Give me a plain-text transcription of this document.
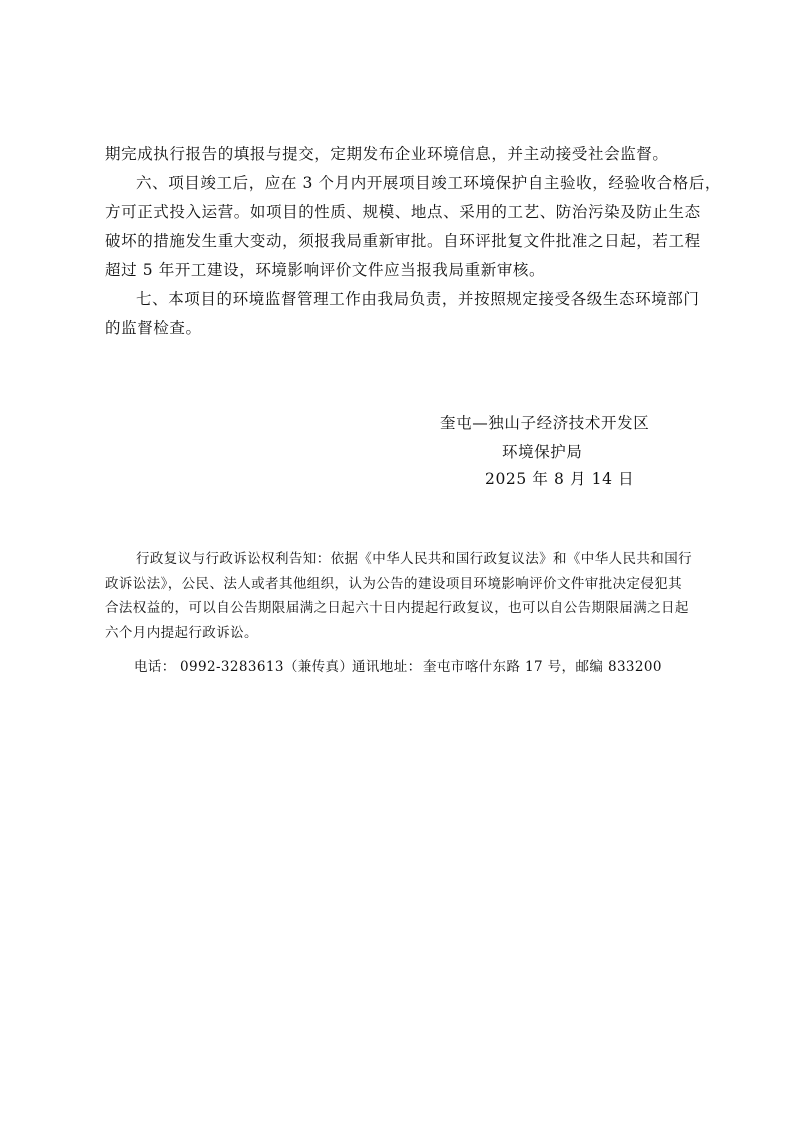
期完成执行报告的填报与提交，定期发布企业环境信息，并主动接受社会监督。

六、项目竣工后，应在 3 个月内开展项目竣工环境保护自主验收，经验收合格后，
方可正式投入运营。如项目的性质、规模、地点、采用的工艺、防治污染及防止生态
破坏的措施发生重大变动，须报我局重新审批。自环评批复文件批准之日起，若工程
超过 5 年开工建设，环境影响评价文件应当报我局重新审核。

七、本项目的环境监督管理工作由我局负责，并按照规定接受各级生态环境部门
的监督检查。

奎屯—独山子经济技术开发区
环境保护局
2025 年 8 月 14 日
行政复议与行政诉讼权利告知：依据《中华人民共和国行政复议法》和《中华人民共和国行
政诉讼法》，公民、法人或者其他组织，认为公告的建设项目环境影响评价文件审批决定侵犯其
合法权益的，可以自公告期限届满之日起六十日内提起行政复议，也可以自公告期限届满之日起
六个月内提起行政诉讼。
电话： 0992-3283613（兼传真）
通讯地址： 奎屯市喀什东路 17 号，邮编 833200
